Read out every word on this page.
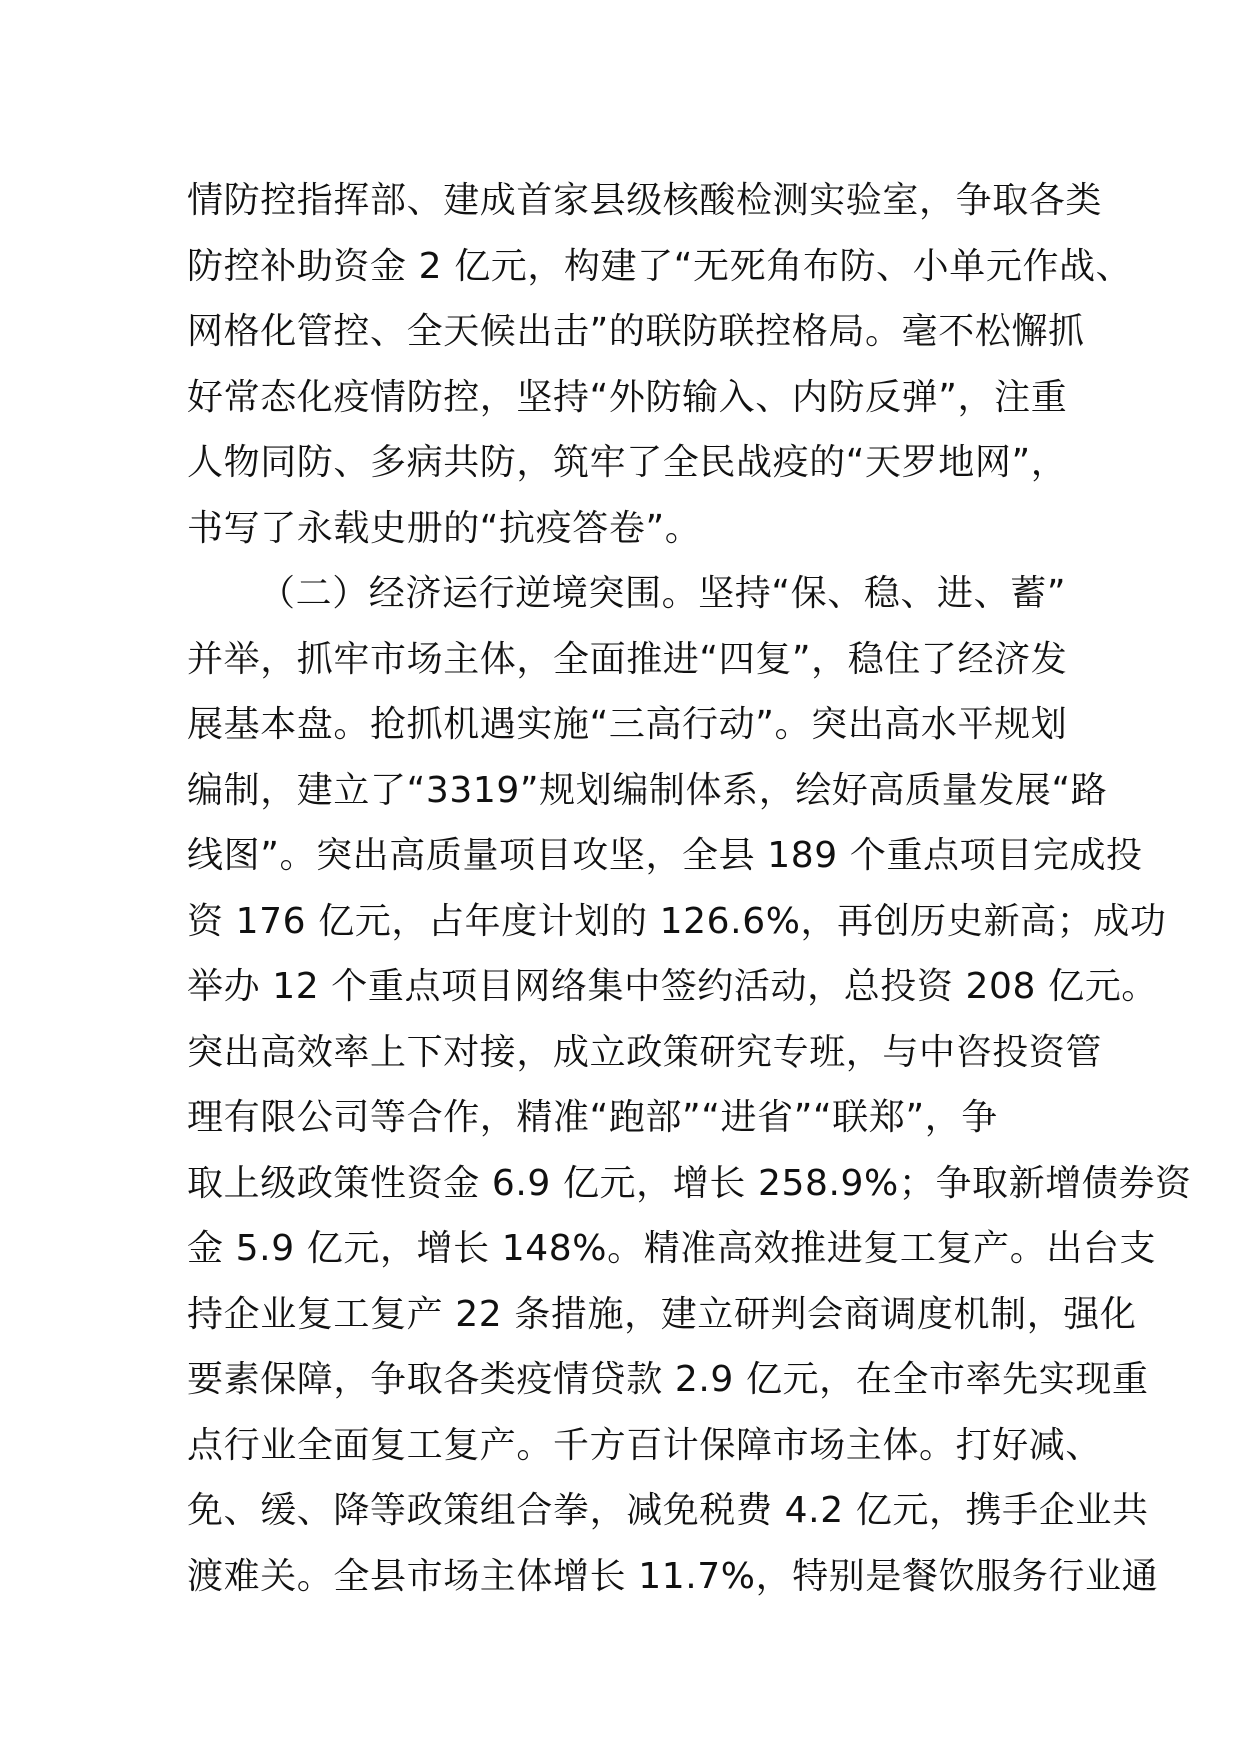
情防控指挥部、建成首家县级核酸检测实验室，争取各类
防控补助资金 2 亿元，构建了“无死角布防、小单元作战、
网格化管控、全天候出击”的联防联控格局。毫不松懈抓
好常态化疫情防控，坚持“外防输入、内防反弹”，注重
人物同防、多病共防，筑牢了全民战疫的“天罗地网”，
书写了永载史册的“抗疫答卷”。
（二）经济运行逆境突围。坚持“保、稳、进、蓄”
并举，抓牢市场主体，全面推进“四复”，稳住了经济发
展基本盘。抢抓机遇实施“三高行动”。突出高水平规划
编制，建立了“3319”规划编制体系，绘好高质量发展“路
线图”。突出高质量项目攻坚，全县 189 个重点项目完成投
资 176 亿元，占年度计划的 126.6%，再创历史新高；成功
举办 12 个重点项目网络集中签约活动，总投资 208 亿元。
突出高效率上下对接，成立政策研究专班，与中咨投资管
理有限公司等合作，精准“跑部”“进省”“联郑”，争
取上级政策性资金 6.9 亿元，增长 258.9%；争取新增债券资
金 5.9 亿元，增长 148%。精准高效推进复工复产。出台支
持企业复工复产 22 条措施，建立研判会商调度机制，强化
要素保障，争取各类疫情贷款 2.9 亿元，在全市率先实现重
点行业全面复工复产。千方百计保障市场主体。打好减、
免、缓、降等政策组合拳，减免税费 4.2 亿元，携手企业共
渡难关。全县市场主体增长 11.7%，特别是餐饮服务行业通
